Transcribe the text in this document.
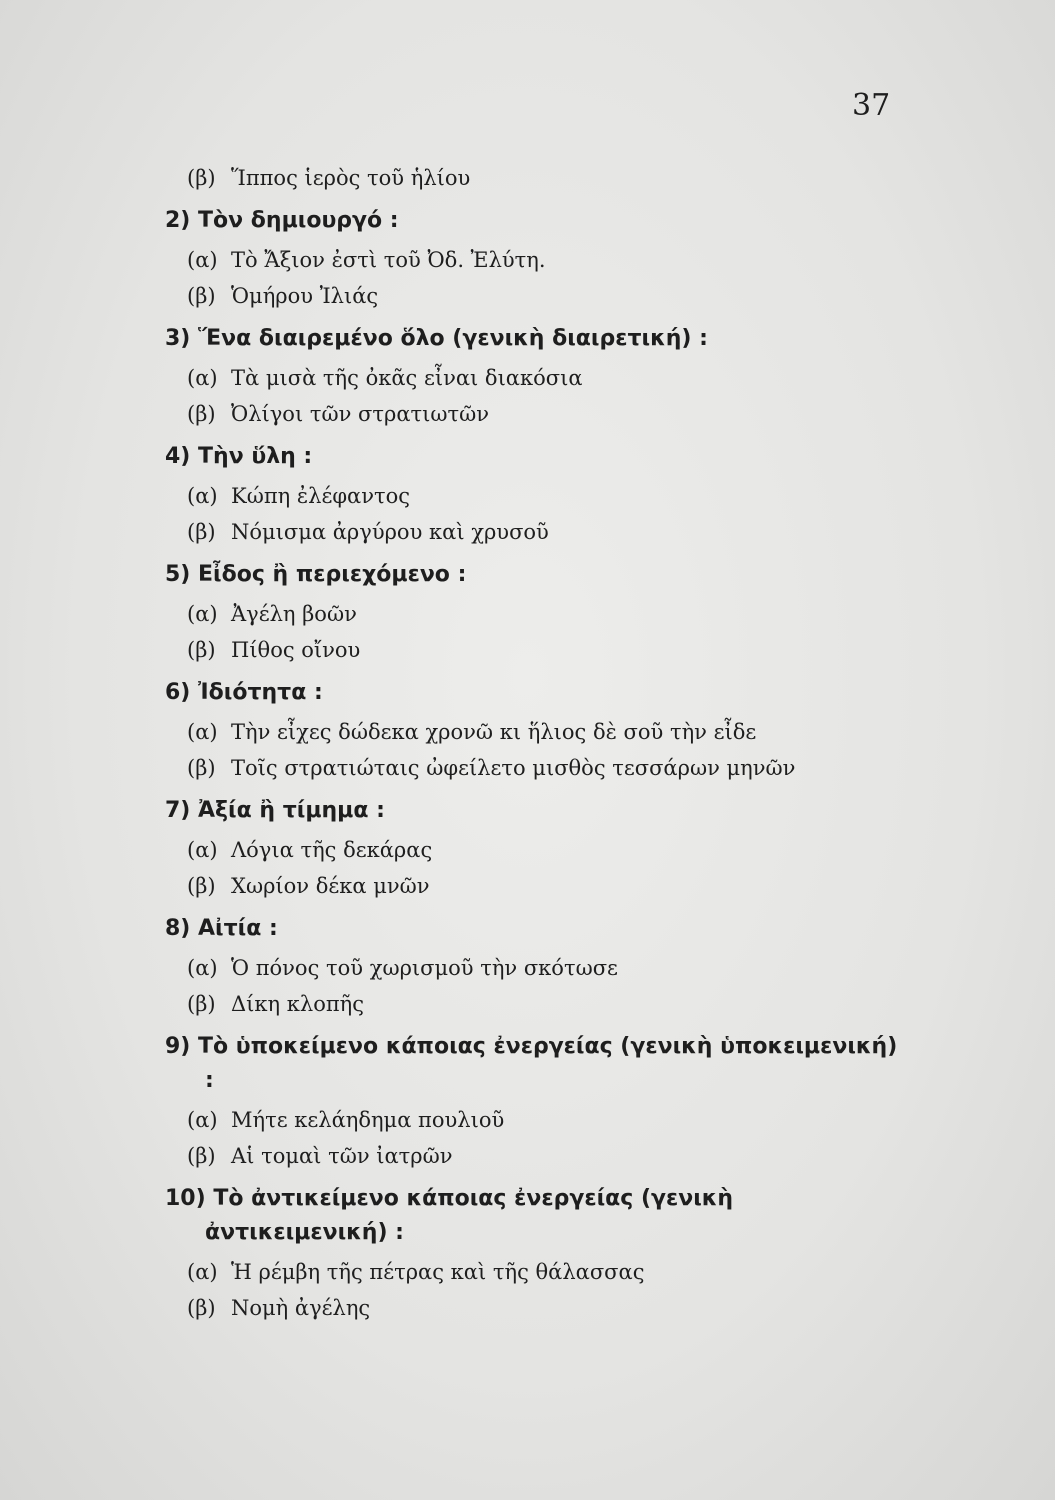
37
(β) Ἵππος ἱερὸς τοῦ ἡλίου
2) Τὸν δημιουργό :
(α) Τὸ Ἄξιον ἐστὶ τοῦ Ὀδ. Ἐλύτη.
(β) Ὁμήρου Ἰλιάς
3) Ἕνα διαιρεμένο ὅλο (γενικὴ διαιρετική) :
(α) Τὰ μισὰ τῆς ὀκᾶς εἶναι διακόσια
(β) Ὀλίγοι τῶν στρατιωτῶν
4) Τὴν ὕλη :
(α) Κώπη ἐλέφαντος
(β) Νόμισμα ἀργύρου καὶ χρυσοῦ
5) Εἶδος ἢ περιεχόμενο :
(α) Ἀγέλη βοῶν
(β) Πίθος οἴνου
6) Ἰδιότητα :
(α) Τὴν εἶχες δώδεκα χρονῶ κι ἥλιος δὲ σοῦ τὴν εἶδε
(β) Τοῖς στρατιώταις ὠφείλετο μισθὸς τεσσάρων μηνῶν
7) Ἀξία ἢ τίμημα :
(α) Λόγια τῆς δεκάρας
(β) Χωρίον δέκα μνῶν
8) Αἰτία :
(α) Ὁ πόνος τοῦ χωρισμοῦ τὴν σκότωσε
(β) Δίκη κλοπῆς
9) Τὸ ὑποκείμενο κάποιας ἐνεργείας (γενικὴ ὑποκειμενική) :
(α) Μήτε κελάηδημα πουλιοῦ
(β) Αἱ τομαὶ τῶν ἰατρῶν
10) Τὸ ἀντικείμενο κάποιας ἐνεργείας (γενικὴ ἀντικειμενική) :
(α) Ἡ ρέμβη τῆς πέτρας καὶ τῆς θάλασσας
(β) Νομὴ ἀγέλης
